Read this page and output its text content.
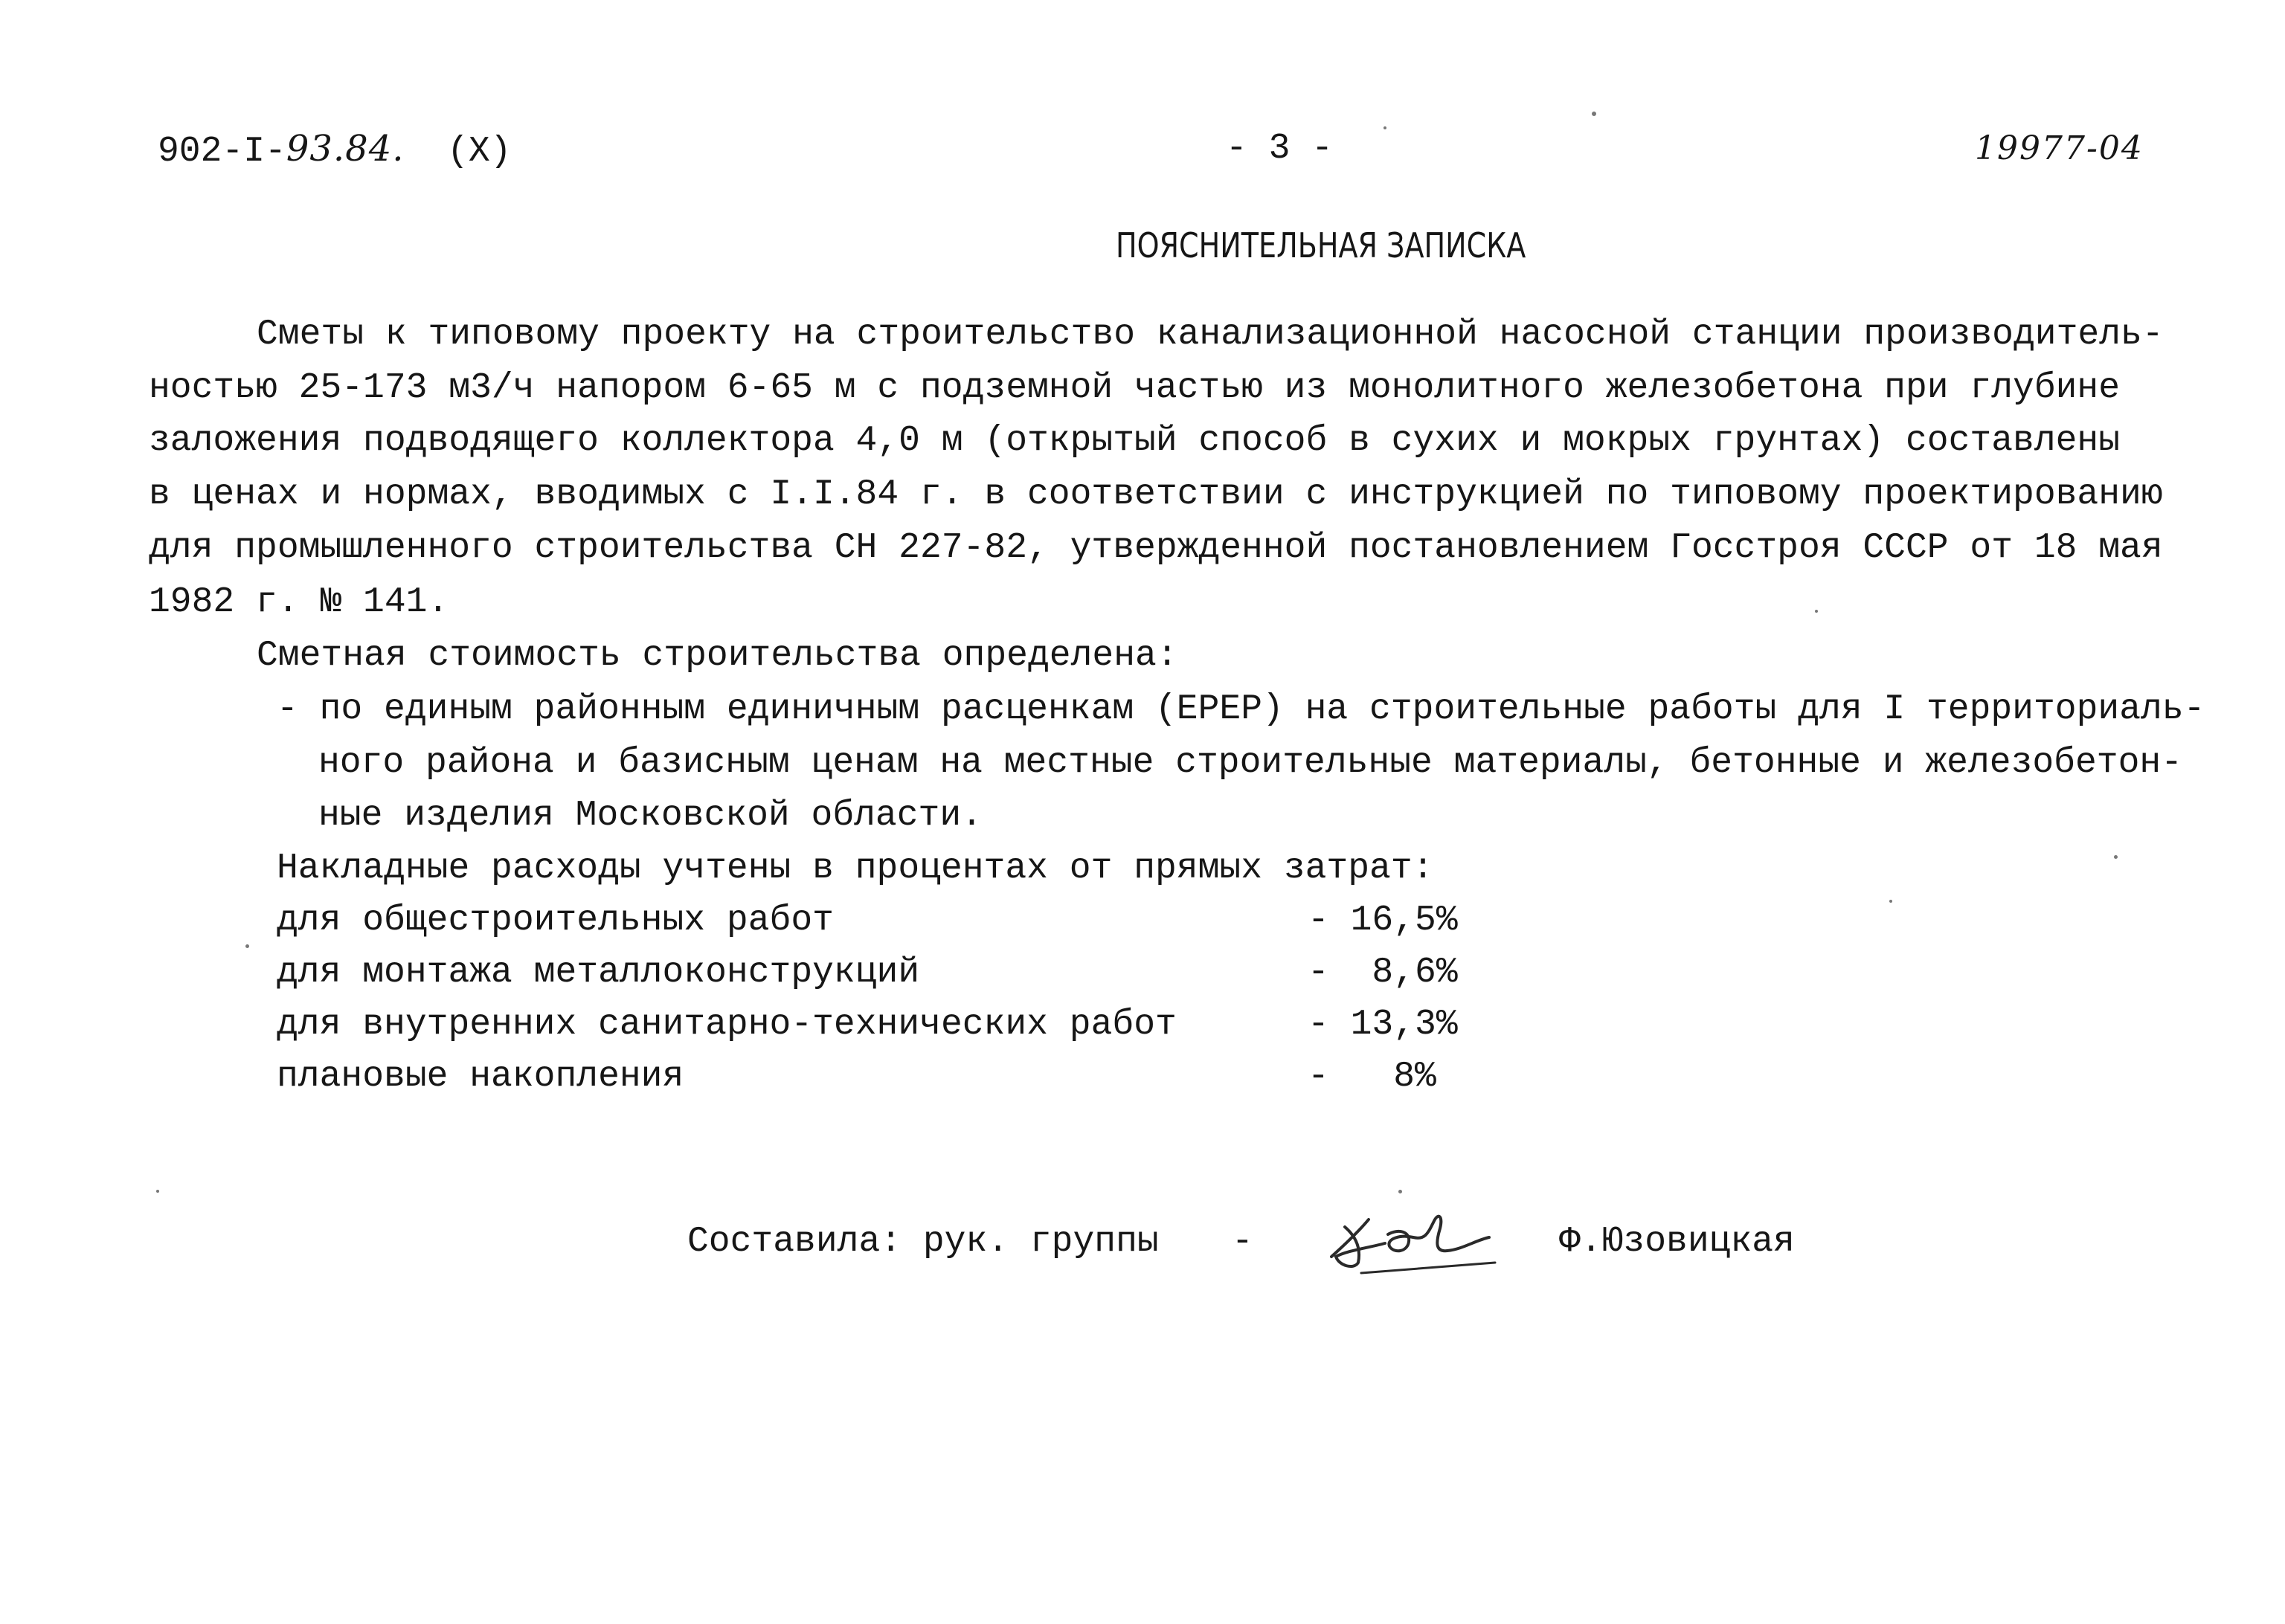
902-I-93.84. (X)	- 3 -	19977-04
ПОЯСНИТЕЛЬНАЯ ЗАПИСКА
Сметы к типовому проекту на строительство канализационной насосной станции производитель-
ностью 25-173 м3/ч напором 6-65 м с подземной частью из монолитного железобетона при глубине
заложения подводящего коллектора 4,0 м (открытый способ в сухих и мокрых грунтах) составлены
в ценах и нормах, вводимых с I.I.84 г. в соответствии с инструкцией по типовому проектированию
для промышленного строительства СН 227-82, утвержденной постановлением Госстроя СССР от 18 мая
1982 г. № 141.
Сметная стоимость строительства определена:
- по единым районным единичным расценкам (ЕРЕР) на строительные работы для I территориаль-
ного района и базисным ценам на местные строительные материалы, бетонные и железобетон-
ные изделия Московской области.
Накладные расходы учтены в процентах от прямых затрат:
для общестроительных работ	- 16,5%
для монтажа металлоконструкций	-  8,6%
для внутренних санитарно-технических работ	- 13,3%
плановые накопления	-   8%
Составила: рук. группы -	Ф.Юзовицкая
